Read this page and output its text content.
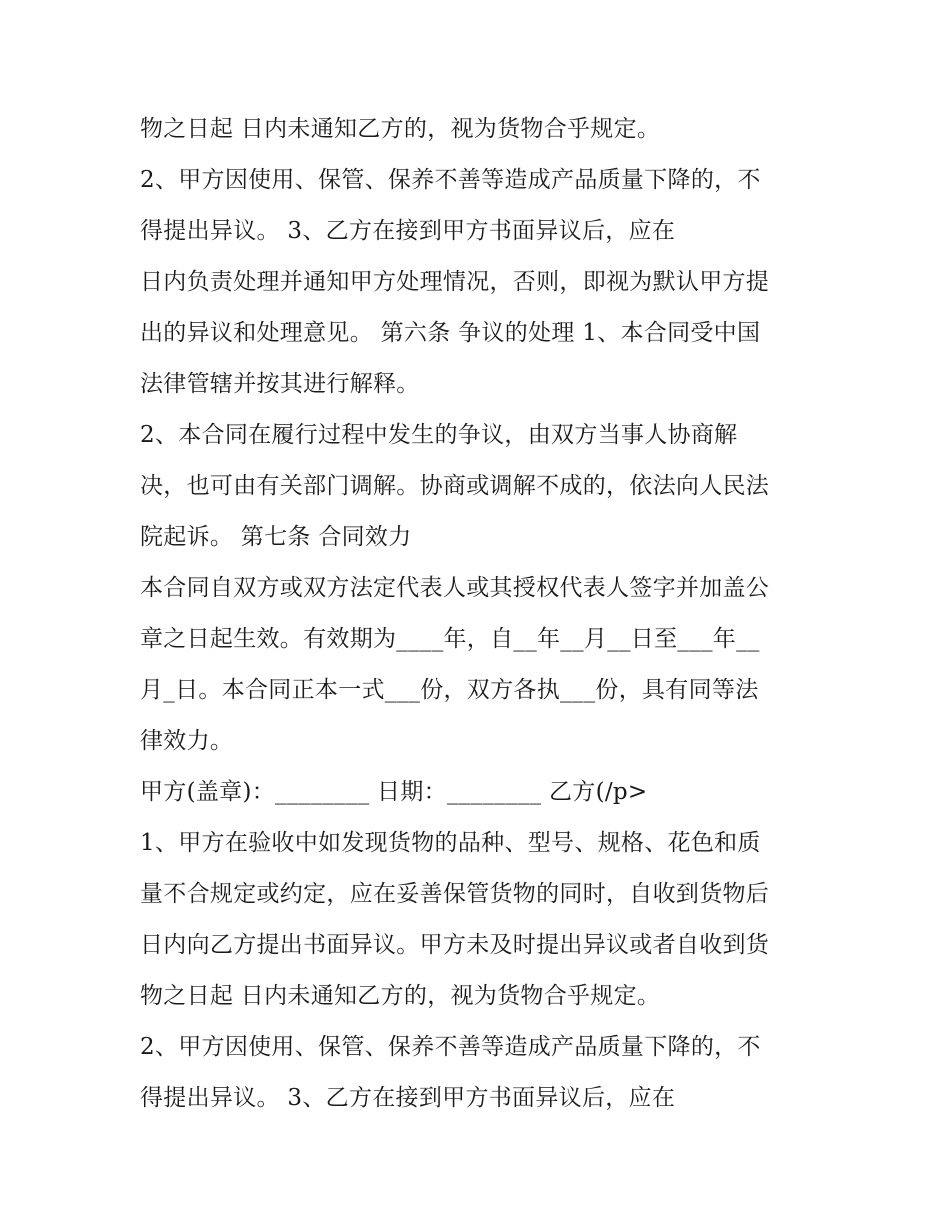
物之日起 日内未通知乙方的，视为货物合乎规定。
2、甲方因使用、保管、保养不善等造成产品质量下降的，不
得提出异议。 3、乙方在接到甲方书面异议后，应在
日内负责处理并通知甲方处理情况，否则，即视为默认甲方提
出的异议和处理意见。 第六条 争议的处理 1、本合同受中国
法律管辖并按其进行解释。
2、本合同在履行过程中发生的争议，由双方当事人协商解
决，也可由有关部门调解。协商或调解不成的，依法向人民法
院起诉。 第七条 合同效力
本合同自双方或双方法定代表人或其授权代表人签字并加盖公
章之日起生效。有效期为____年，自__年__月__日至___年__
月_日。本合同正本一式___份，双方各执___份，具有同等法
律效力。
甲方(盖章)：________ 日期：________ 乙方(/p>
1、甲方在验收中如发现货物的品种、型号、规格、花色和质
量不合规定或约定，应在妥善保管货物的同时，自收到货物后
日内向乙方提出书面异议。甲方未及时提出异议或者自收到货
物之日起 日内未通知乙方的，视为货物合乎规定。
2、甲方因使用、保管、保养不善等造成产品质量下降的，不
得提出异议。 3、乙方在接到甲方书面异议后，应在
